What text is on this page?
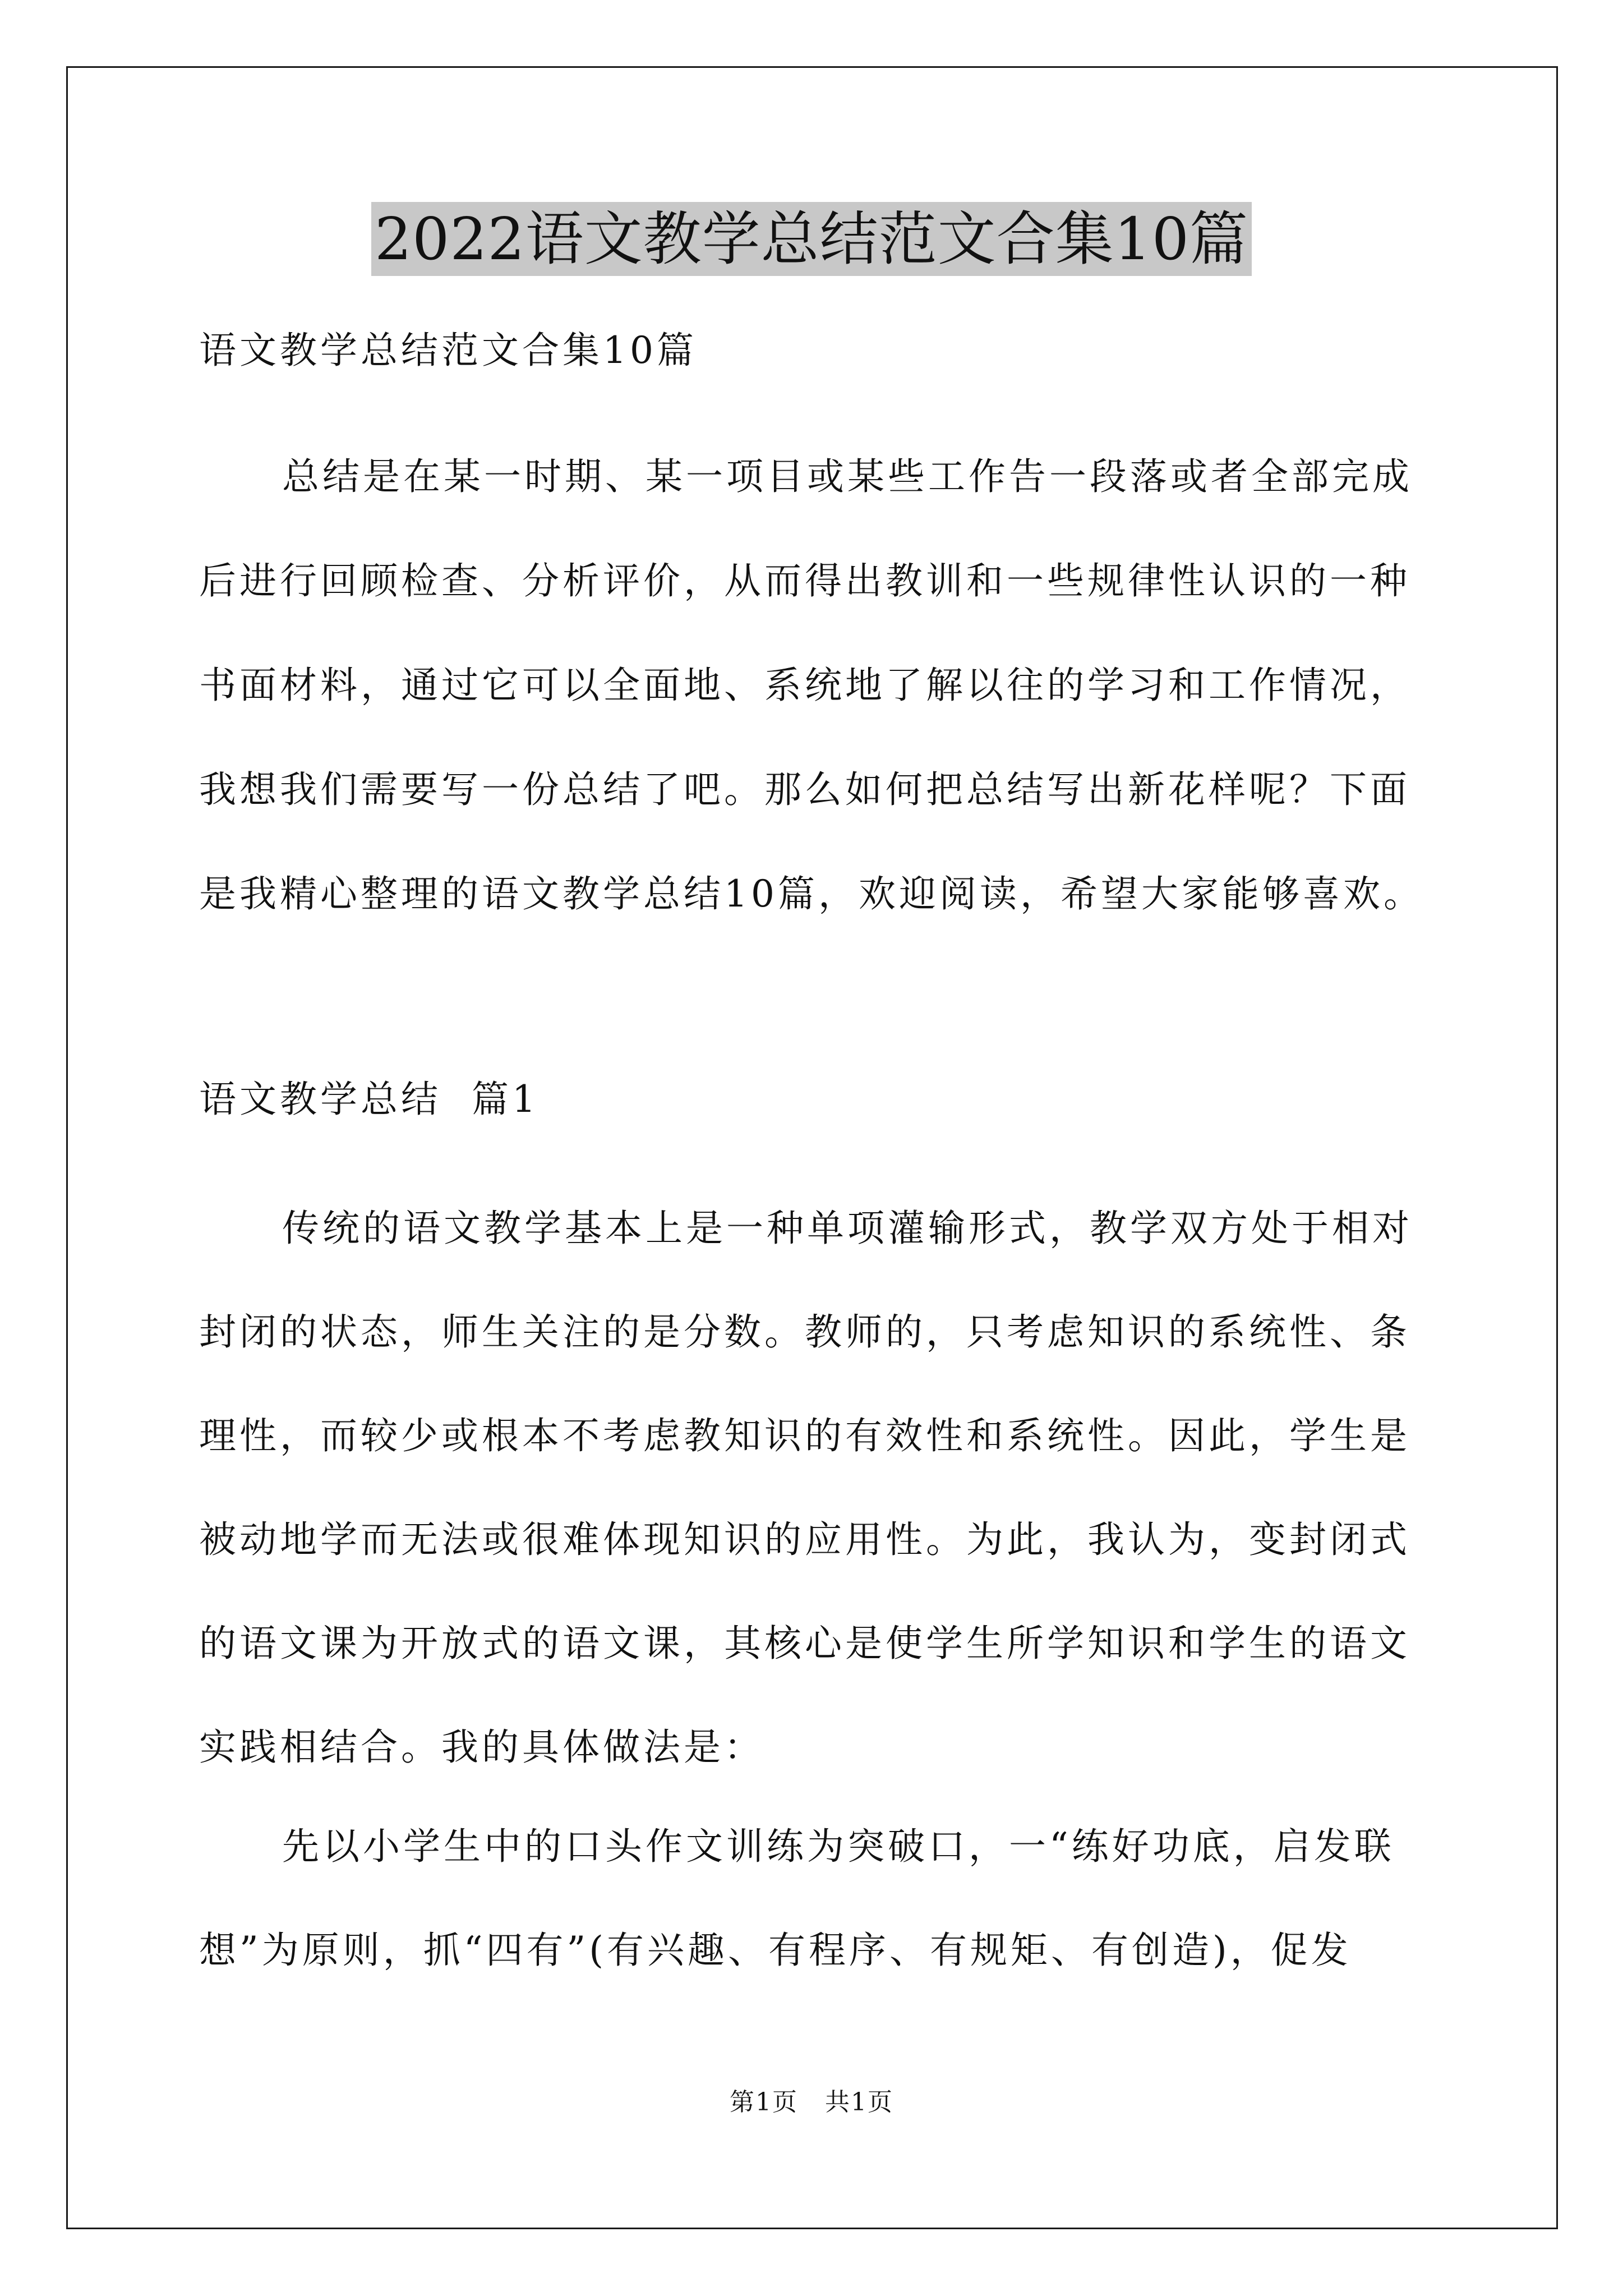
2022语文教学总结范文合集10篇
语文教学总结范文合集10篇
总结是在某一时期、某一项目或某些工作告一段落或者全部完成
后进行回顾检查、分析评价，从而得出教训和一些规律性认识的一种
书面材料，通过它可以全面地、系统地了解以往的学习和工作情况，
我想我们需要写一份总结了吧。那么如何把总结写出新花样呢？下面
是我精心整理的语文教学总结10篇，欢迎阅读，希望大家能够喜欢。
语文教学总结  篇1
传统的语文教学基本上是一种单项灌输形式，教学双方处于相对
封闭的状态，师生关注的是分数。教师的，只考虑知识的系统性、条
理性，而较少或根本不考虑教知识的有效性和系统性。因此，学生是
被动地学而无法或很难体现知识的应用性。为此，我认为，变封闭式
的语文课为开放式的语文课，其核心是使学生所学知识和学生的语文
实践相结合。我的具体做法是：
先以小学生中的口头作文训练为突破口，一“练好功底，启发联
想”为原则，抓“四有”(有兴趣、有程序、有规矩、有创造)，促发
第1页   共1页
